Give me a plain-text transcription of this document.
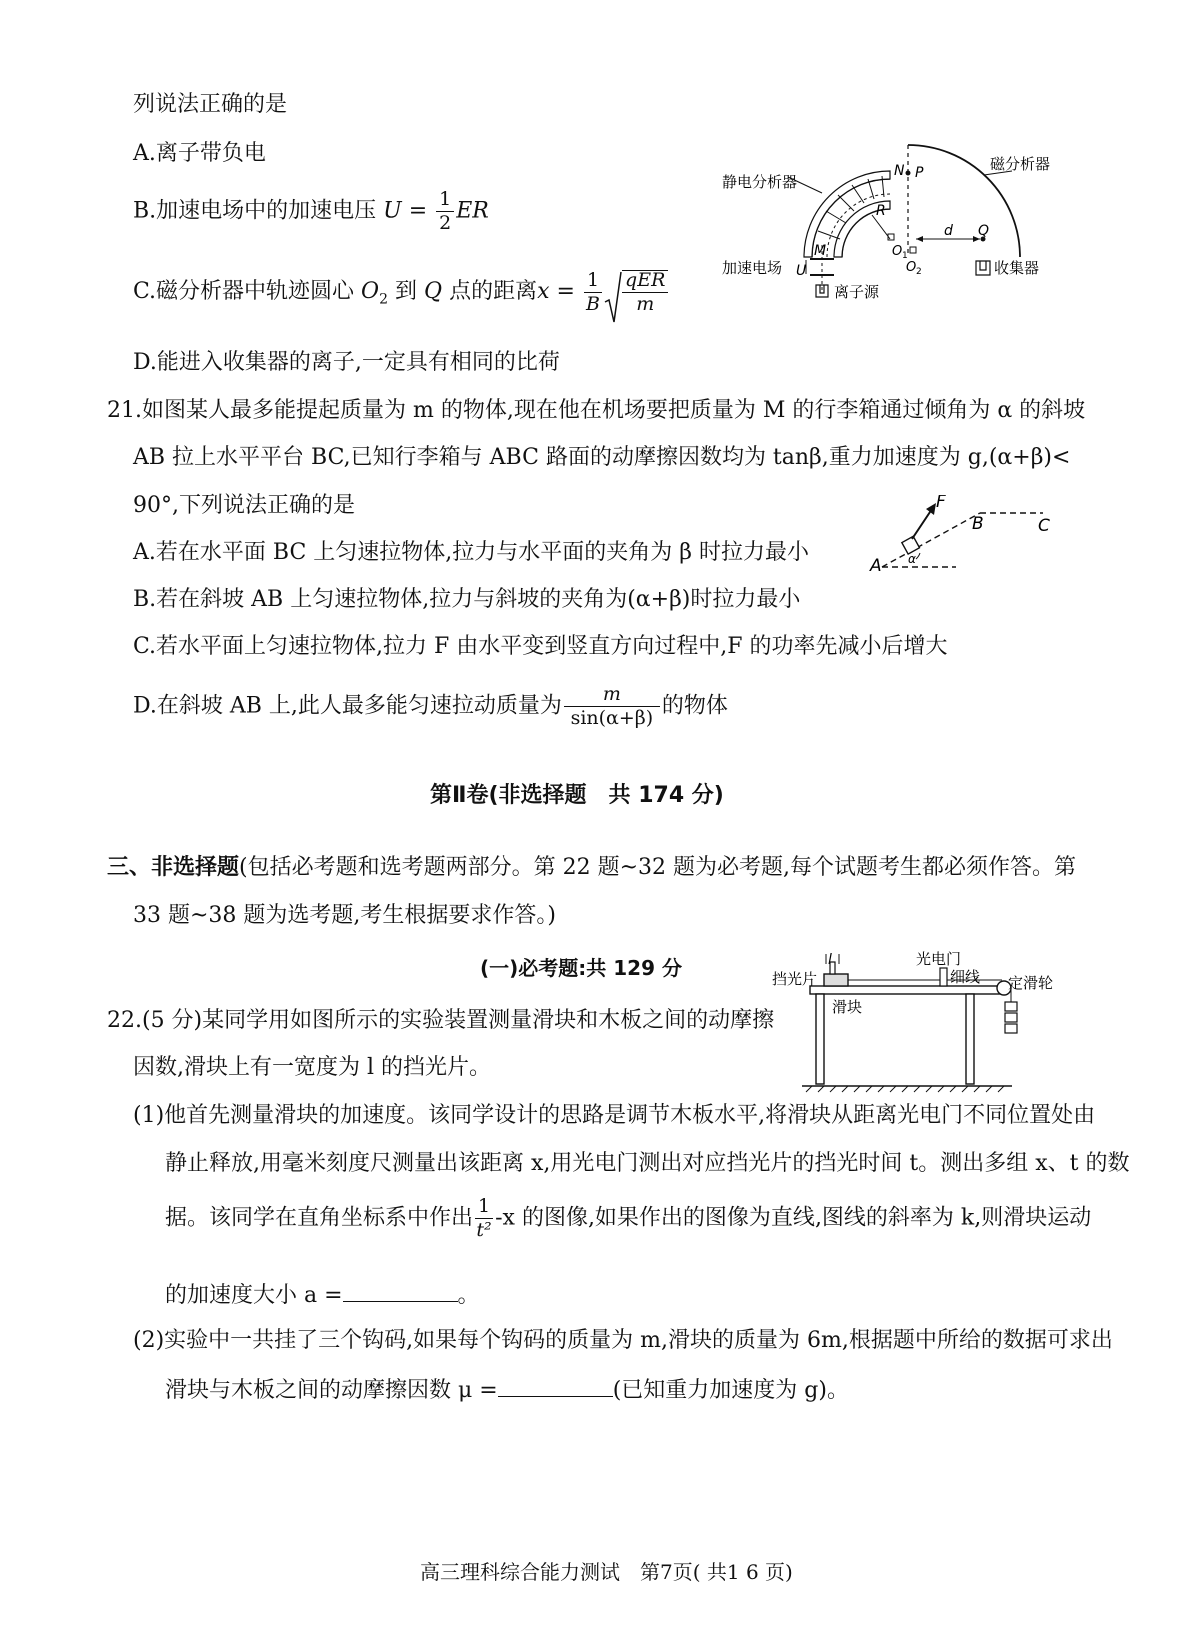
列说法正确的是
A.离子带负电
B.加速电场中的加速电压 $U = \frac{1}{2}$ ER
C.磁分析器中轨迹圆心 $O_2$ 到 Q 点的距离$x = \frac{1}{B} \frac{\text{qER}}{m}$
D.能进入收集器的离子,一定具有相同的比荷
静电分析器
磁分析器
加速电场
离子源
收集器
N P
R
M
U
O 1
O 2
d Q
21.如图某人最多能提起质量为 m 的物体,现在他在机场要把质量为 M 的行李箱通过倾角为 α 的斜坡
AB 拉上水平平台 BC,已知行李箱与 ABC 路面的动摩擦因数均为 tanβ,重力加速度为 g,(α+β)<
90°,下列说法正确的是
A.若在水平面 BC 上匀速拉物体,拉力与水平面的夹角为 β 时拉力最小
B.若在斜坡 AB 上匀速拉物体,拉力与斜坡的夹角为(α+β)时拉力最小
C.若水平面上匀速拉物体,拉力 F 由水平变到竖直方向过程中,F 的功率先减小后增大
D.在斜坡 AB 上,此人最多能匀速拉动质量为 $\frac{m}{\sin(\alpha+\beta)}$ 的物体
F
A
B	C
α
第Ⅱ卷(非选择题　共 174 分)
三、非选择题(包括必考题和选考题两部分。第 22 题~32 题为必考题,每个试题考生都必须作答。第
33 题~38 题为选考题,考生根据要求作答。)
(一)必考题:共 129 分
22.(5 分)某同学用如图所示的实验装置测量滑块和木板之间的动摩擦
因数,滑块上有一宽度为 l 的挡光片。
(1)他首先测量滑块的加速度。该同学设计的思路是调节木板水平,将滑块从距离光电门不同位置处由
静止释放,用毫米刻度尺测量出该距离 x,用光电门测出对应挡光片的挡光时间 t。测出多组 x、t 的数
据。该同学在直角坐标系中作出 $\frac{1}{\text{t²}} -x$ 的图像,如果作出的图像为直线,图线的斜率为 k,则滑块运动
的加速度大小 a =	。
(2)实验中一共挂了三个钩码,如果每个钩码的质量为 m,滑块的质量为 6m,根据题中所给的数据可求出
滑块与木板之间的动摩擦因数 μ =	(已知重力加速度为 g)。
挡光片
l	光电门
细线 定滑轮
滑块
高三理科综合能力测试　第7页( 共1 6 页)
